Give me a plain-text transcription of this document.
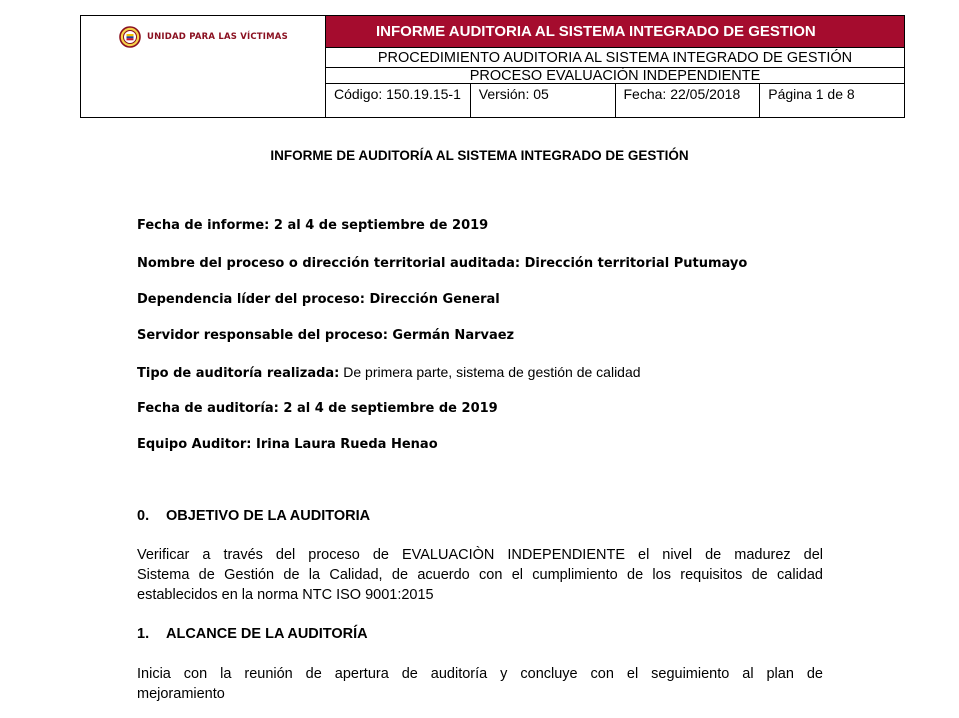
UNIDAD PARA LAS VÍCTIMAS	INFORME AUDITORIA AL SISTEMA INTEGRADO DE GESTION			
	PROCEDIMIENTO AUDITORIA AL SISTEMA INTEGRADO DE GESTIÓN			
	PROCESO EVALUACIÒN INDEPENDIENTE			
	Código: 150.19.15-1	Versión: 05	Fecha: 22/05/2018	Página 1 de 8
INFORME DE AUDITORÍA AL SISTEMA INTEGRADO DE GESTIÓN
Fecha de informe: 2 al 4 de septiembre de 2019
Nombre del proceso o dirección territorial auditada: Dirección territorial Putumayo
Dependencia líder del proceso: Dirección General
Servidor responsable del proceso: Germán Narvaez
Tipo de auditoría realizada: De primera parte, sistema de gestión de calidad
Fecha de auditoría: 2 al 4 de septiembre de 2019
Equipo Auditor: Irina Laura Rueda Henao
0. OBJETIVO DE LA AUDITORIA
Verificar a través del proceso de EVALUACIÒN INDEPENDIENTE el nivel de madurez del
Sistema de Gestión de la Calidad, de acuerdo con el cumplimiento de los requisitos de calidad
establecidos en la norma NTC ISO 9001:2015
1. ALCANCE DE LA AUDITORÍA
Inicia con la reunión de apertura de auditoría y concluye con el seguimiento al plan de
mejoramiento
